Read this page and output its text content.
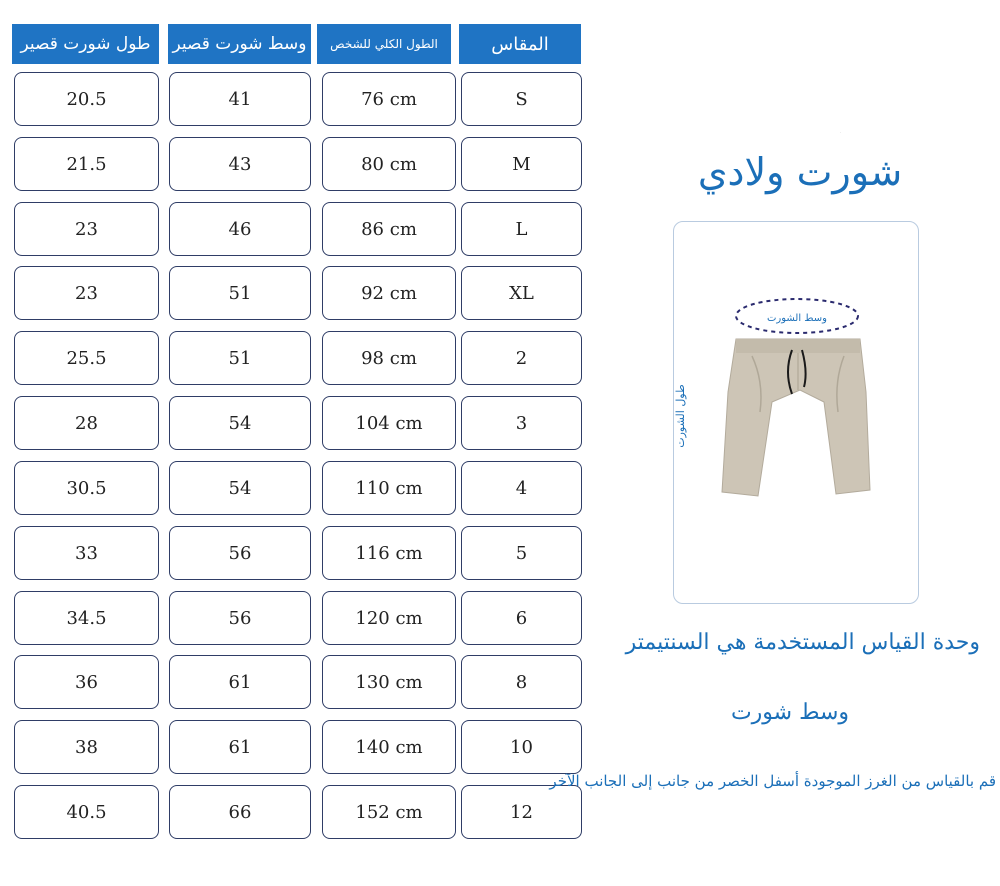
طول شورت قصير	وسط شورت قصير	الطول الكلي للشخص	المقاس
20.5	41	76 cm	S
21.5	43	80 cm	M
23	46	86 cm	L
23	51	92 cm	XL
25.5	51	98 cm	2
28	54	104 cm	3
30.5	54	110 cm	4
33	56	116 cm	5
34.5	56	120 cm	6
36	61	130 cm	8
38	61	140 cm	10
40.5	66	152 cm	12
·
شورت ولادي
وسط الشورت
طول الشورت
وحدة القياس المستخدمة هي السنتيمتر
وسط شورت
قم بالقياس من الغرز الموجودة أسفل الخصر من جانب إلى الجانب الآخر
